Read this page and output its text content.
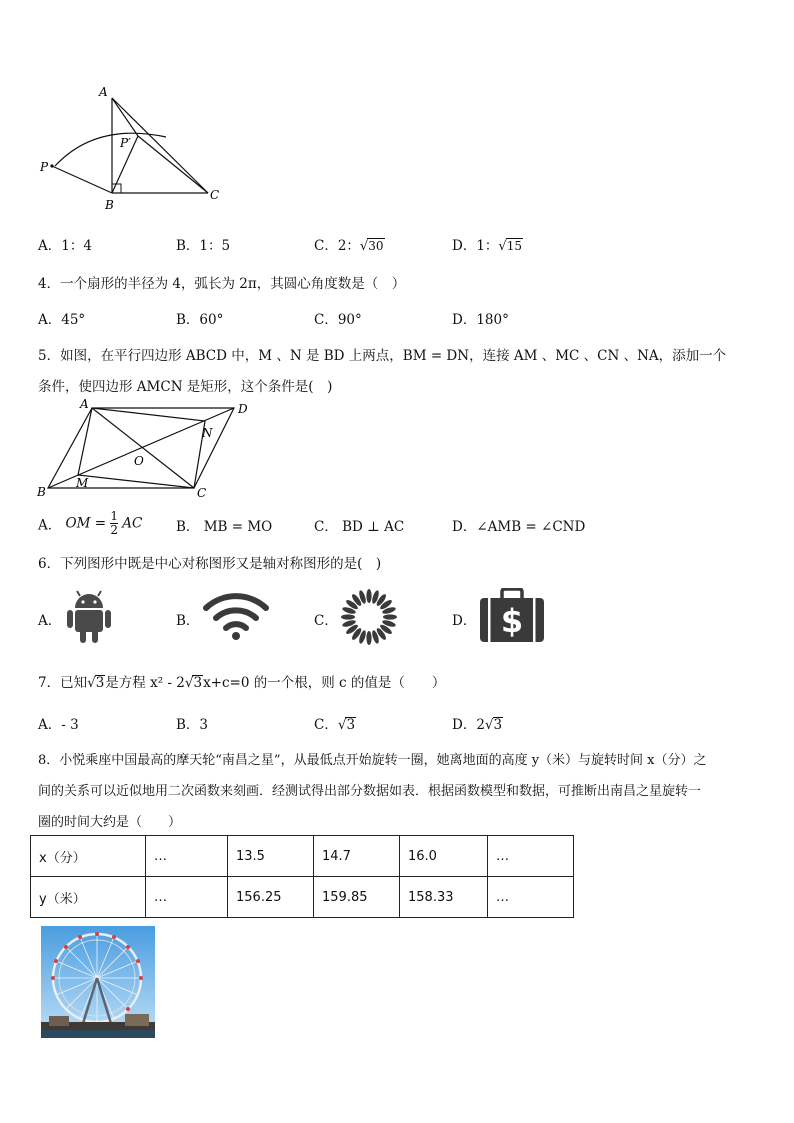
A
P
P′
B
C
A．1：4	B．1：5	C．2：√30	D．1：√15
4．一个扇形的半径为 4，弧长为 2π，其圆心角度数是（　）
A．45°	B．60°	C．90°	D．180°
5．如图，在平行四边形 ABCD 中，M 、N 是 BD 上两点，BM = DN，连接 AM 、MC 、CN 、NA，添加一个
条件，使四边形 AMCN 是矩形，这个条件是(　)
A	D
N
O
B
M
C
A． OM = $\frac{1}{2}$ AC B． MB = MO	C． BD ⊥ AC	D．∠AMB = ∠CND
6．下列图形中既是中心对称图形又是轴对称图形的是(　)
A．	B．	C．	D． $
7．已知√3是方程 x² - 2√3x+c=0 的一个根，则 c 的值是（　　）
A．- 3	B．3	C．√3	D．2√3
8．小悦乘座中国最高的摩天轮“南昌之星”，从最低点开始旋转一圈，她离地面的高度 y（米）与旋转时间 x（分）之
间的关系可以近似地用二次函数来刻画．经测试得出部分数据如表．根据函数模型和数据，可推断出南昌之星旋转一
圈的时间大约是（　　）
x（分）	…	13.5	14.7	16.0	…
y（米）	…	156.25	159.85	158.33	…
